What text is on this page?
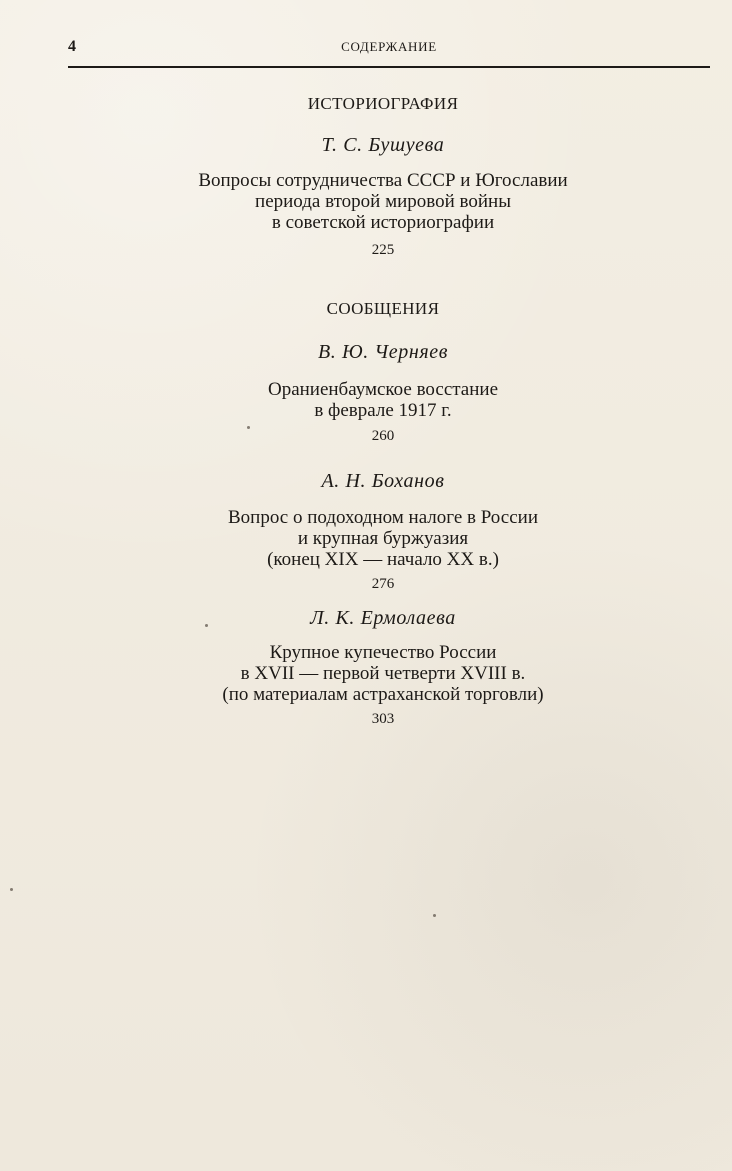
4	СОДЕРЖАНИЕ

ИСТОРИОГРАФИЯ

Т. С. Бушуева

Вопросы сотрудничества СССР и Югославии
периода второй мировой войны
в советской историографии

225

СООБЩЕНИЯ

В. Ю. Черняев

Ораниенбаумское восстание
в феврале 1917 г.

260

А. Н. Боханов

Вопрос о подоходном налоге в России
и крупная буржуазия
(конец XIX — начало XX в.)

276

Л. К. Ермолаева

Крупное купечество России
в XVII — первой четверти XVIII в.
(по материалам астраханской торговли)

303
